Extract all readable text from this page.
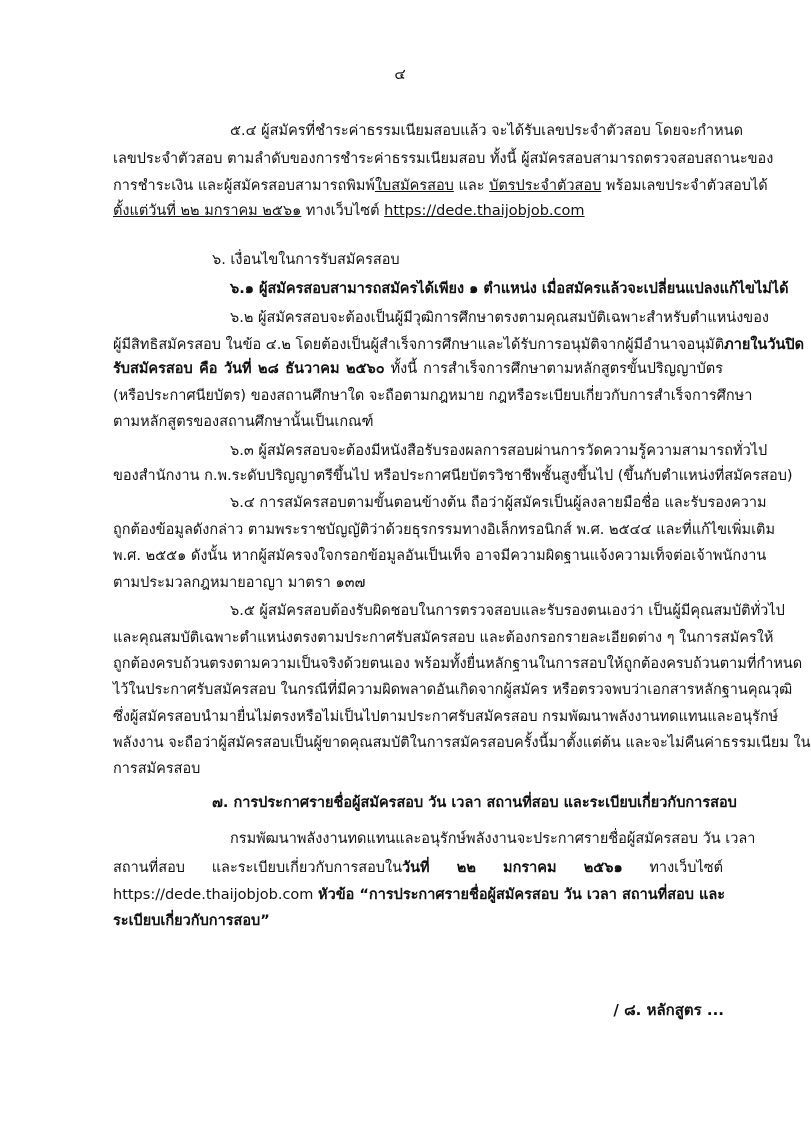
๔
๕.๔ ผู้สมัครที่ชำระค่าธรรมเนียมสอบแล้ว จะได้รับเลขประจำตัวสอบ โดยจะกำหนด
เลขประจำตัวสอบ ตามลำดับของการชำระค่าธรรมเนียมสอบ ทั้งนี้ ผู้สมัครสอบสามารถตรวจสอบสถานะของ
การชำระเงิน และผู้สมัครสอบสามารถพิมพ์ใบสมัครสอบ และ บัตรประจำตัวสอบ พร้อมเลขประจำตัวสอบได้
ตั้งแต่วันที่ ๒๒ มกราคม ๒๕๖๑ ทางเว็บไซต์ https://dede.thaijobjob.com
๖. เงื่อนไขในการรับสมัครสอบ
๖.๑ ผู้สมัครสอบสามารถสมัครได้เพียง ๑ ตำแหน่ง เมื่อสมัครแล้วจะเปลี่ยนแปลงแก้ไขไม่ได้
๖.๒ ผู้สมัครสอบจะต้องเป็นผู้มีวุฒิการศึกษาตรงตามคุณสมบัติเฉพาะสำหรับตำแหน่งของ
ผู้มีสิทธิสมัครสอบ ในข้อ ๔.๒ โดยต้องเป็นผู้สำเร็จการศึกษาและได้รับการอนุมัติจากผู้มีอำนาจอนุมัติภายในวันปิด
รับสมัครสอบ คือ วันที่ ๒๘ ธันวาคม ๒๕๖๐ ทั้งนี้ การสำเร็จการศึกษาตามหลักสูตรขั้นปริญญาบัตร
(หรือประกาศนียบัตร) ของสถานศึกษาใด จะถือตามกฎหมาย กฎหรือระเบียบเกี่ยวกับการสำเร็จการศึกษา
ตามหลักสูตรของสถานศึกษานั้นเป็นเกณฑ์
๖.๓ ผู้สมัครสอบจะต้องมีหนังสือรับรองผลการสอบผ่านการวัดความรู้ความสามารถทั่วไป
ของสำนักงาน ก.พ.ระดับปริญญาตรีขึ้นไป หรือประกาศนียบัตรวิชาชีพชั้นสูงขึ้นไป (ขึ้นกับตำแหน่งที่สมัครสอบ)
๖.๔ การสมัครสอบตามขั้นตอนข้างต้น ถือว่าผู้สมัครเป็นผู้ลงลายมือชื่อ และรับรองความ
ถูกต้องข้อมูลดังกล่าว ตามพระราชบัญญัติว่าด้วยธุรกรรมทางอิเล็กทรอนิกส์ พ.ศ. ๒๕๔๔ และที่แก้ไขเพิ่มเติม
พ.ศ. ๒๕๕๑ ดังนั้น หากผู้สมัครจงใจกรอกข้อมูลอันเป็นเท็จ อาจมีความผิดฐานแจ้งความเท็จต่อเจ้าพนักงาน
ตามประมวลกฎหมายอาญา มาตรา ๑๓๗
๖.๕ ผู้สมัครสอบต้องรับผิดชอบในการตรวจสอบและรับรองตนเองว่า เป็นผู้มีคุณสมบัติทั่วไป
และคุณสมบัติเฉพาะตำแหน่งตรงตามประกาศรับสมัครสอบ และต้องกรอกรายละเอียดต่าง ๆ ในการสมัครให้
ถูกต้องครบถ้วนตรงตามความเป็นจริงด้วยตนเอง พร้อมทั้งยื่นหลักฐานในการสอบให้ถูกต้องครบถ้วนตามที่กำหนด
ไว้ในประกาศรับสมัครสอบ ในกรณีที่มีความผิดพลาดอันเกิดจากผู้สมัคร หรือตรวจพบว่าเอกสารหลักฐานคุณวุฒิ
ซึ่งผู้สมัครสอบนำมายื่นไม่ตรงหรือไม่เป็นไปตามประกาศรับสมัครสอบ กรมพัฒนาพลังงานทดแทนและอนุรักษ์
พลังงาน จะถือว่าผู้สมัครสอบเป็นผู้ขาดคุณสมบัติในการสมัครสอบครั้งนี้มาตั้งแต่ต้น และจะไม่คืนค่าธรรมเนียม ใน
การสมัครสอบ
๗. การประกาศรายชื่อผู้สมัครสอบ วัน เวลา สถานที่สอบ และระเบียบเกี่ยวกับการสอบ
กรมพัฒนาพลังงานทดแทนและอนุรักษ์พลังงานจะประกาศรายชื่อผู้สมัครสอบ วัน เวลา
สถานที่สอบ และระเบียบเกี่ยวกับการสอบในวันที่ ๒๒ มกราคม ๒๕๖๑ ทางเว็บไซต์
https://dede.thaijobjob.com หัวข้อ “การประกาศรายชื่อผู้สมัครสอบ วัน เวลา สถานที่สอบ และ
ระเบียบเกี่ยวกับการสอบ”
/ ๘. หลักสูตร ...
